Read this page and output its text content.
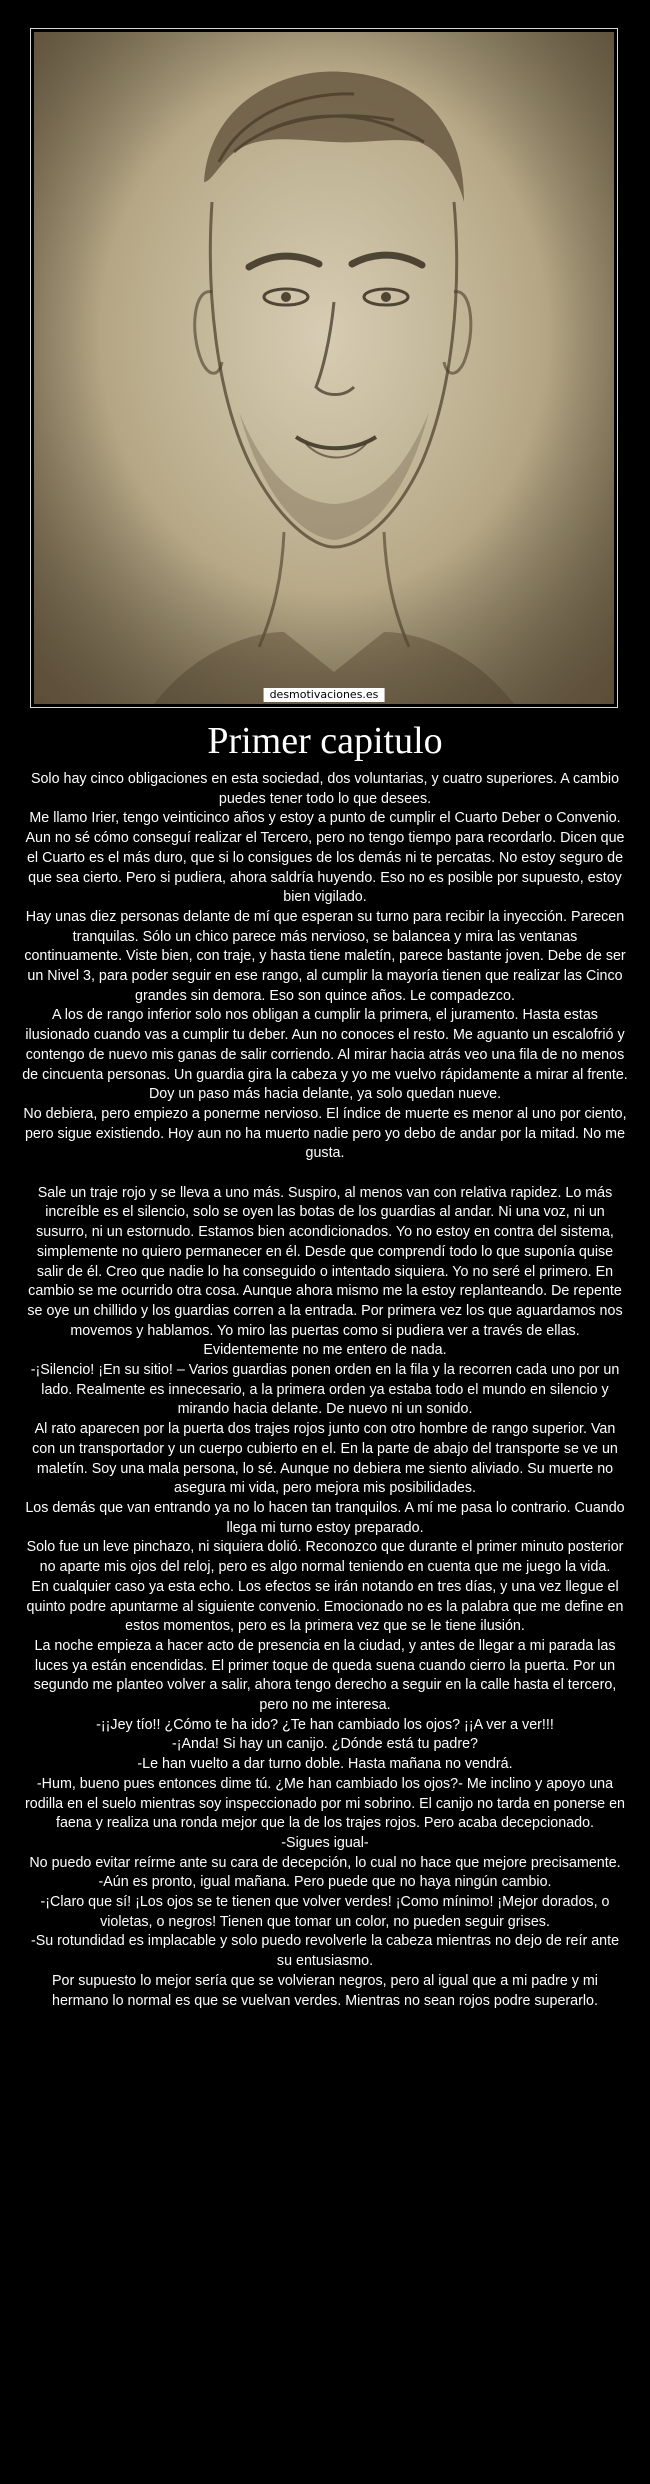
desmotivaciones.es
Primer capitulo

Solo hay cinco obligaciones en esta sociedad, dos voluntarias, y cuatro superiores. A cambio puedes tener todo lo que desees.

Me llamo Irier, tengo veinticinco años y estoy a punto de cumplir el Cuarto Deber o Convenio. Aun no sé cómo conseguí realizar el Tercero, pero no tengo tiempo para recordarlo. Dicen que el Cuarto es el más duro, que si lo consigues de los demás ni te percatas. No estoy seguro de que sea cierto. Pero si pudiera, ahora saldría huyendo. Eso no es posible por supuesto, estoy bien vigilado.

Hay unas diez personas delante de mí que esperan su turno para recibir la inyección. Parecen tranquilas. Sólo un chico parece más nervioso, se balancea y mira las ventanas continuamente. Viste bien, con traje, y hasta tiene maletín, parece bastante joven. Debe de ser un Nivel 3, para poder seguir en ese rango, al cumplir la mayoría tienen que realizar las Cinco grandes sin demora. Eso son quince años. Le compadezco.

A los de rango inferior solo nos obligan a cumplir la primera, el juramento. Hasta estas ilusionado cuando vas a cumplir tu deber. Aun no conoces el resto. Me aguanto un escalofrió y contengo de nuevo mis ganas de salir corriendo. Al mirar hacia atrás veo una fila de no menos de cincuenta personas. Un guardia gira la cabeza y yo me vuelvo rápidamente a mirar al frente. Doy un paso más hacia delante, ya solo quedan nueve.

No debiera, pero empiezo a ponerme nervioso. El índice de muerte es menor al uno por ciento, pero sigue existiendo. Hoy aun no ha muerto nadie pero yo debo de andar por la mitad. No me gusta.

Sale un traje rojo y se lleva a uno más. Suspiro, al menos van con relativa rapidez. Lo más increíble es el silencio, solo se oyen las botas de los guardias al andar. Ni una voz, ni un susurro, ni un estornudo. Estamos bien acondicionados. Yo no estoy en contra del sistema, simplemente no quiero permanecer en él. Desde que comprendí todo lo que suponía quise salir de él. Creo que nadie lo ha conseguido o intentado siquiera. Yo no seré el primero. En cambio se me ocurrido otra cosa. Aunque ahora mismo me la estoy replanteando. De repente se oye un chillido y los guardias corren a la entrada. Por primera vez los que aguardamos nos movemos y hablamos. Yo miro las puertas como si pudiera ver a través de ellas. Evidentemente no me entero de nada.

-¡Silencio! ¡En su sitio! – Varios guardias ponen orden en la fila y la recorren cada uno por un lado. Realmente es innecesario, a la primera orden ya estaba todo el mundo en silencio y mirando hacia delante. De nuevo ni un sonido.

Al rato aparecen por la puerta dos trajes rojos junto con otro hombre de rango superior. Van con un transportador y un cuerpo cubierto en el. En la parte de abajo del transporte se ve un maletín. Soy una mala persona, lo sé. Aunque no debiera me siento aliviado. Su muerte no asegura mi vida, pero mejora mis posibilidades.

Los demás que van entrando ya no lo hacen tan tranquilos. A mí me pasa lo contrario. Cuando llega mi turno estoy preparado.

Solo fue un leve pinchazo, ni siquiera dolió. Reconozco que durante el primer minuto posterior no aparte mis ojos del reloj, pero es algo normal teniendo en cuenta que me juego la vida.

En cualquier caso ya esta echo. Los efectos se irán notando en tres días, y una vez llegue el quinto podre apuntarme al siguiente convenio. Emocionado no es la palabra que me define en estos momentos, pero es la primera vez que se le tiene ilusión.

La noche empieza a hacer acto de presencia en la ciudad, y antes de llegar a mi parada las luces ya están encendidas. El primer toque de queda suena cuando cierro la puerta. Por un segundo me planteo volver a salir, ahora tengo derecho a seguir en la calle hasta el tercero, pero no me interesa.

-¡¡Jey tío!! ¿Cómo te ha ido? ¿Te han cambiado los ojos? ¡¡A ver a ver!!!

-¡Anda! Si hay un canijo. ¿Dónde está tu padre?

-Le han vuelto a dar turno doble. Hasta mañana no vendrá.

-Hum, bueno pues entonces dime tú. ¿Me han cambiado los ojos?- Me inclino y apoyo una rodilla en el suelo mientras soy inspeccionado por mi sobrino. El canijo no tarda en ponerse en faena y realiza una ronda mejor que la de los trajes rojos. Pero acaba decepcionado.

-Sigues igual-

No puedo evitar reírme ante su cara de decepción, lo cual no hace que mejore precisamente.

-Aún es pronto, igual mañana. Pero puede que no haya ningún cambio.

-¡Claro que sí! ¡Los ojos se te tienen que volver verdes! ¡Como mínimo! ¡Mejor dorados, o violetas, o negros! Tienen que tomar un color, no pueden seguir grises.

-Su rotundidad es implacable y solo puedo revolverle la cabeza mientras no dejo de reír ante su entusiasmo.

Por supuesto lo mejor sería que se volvieran negros, pero al igual que a mi padre y mi hermano lo normal es que se vuelvan verdes. Mientras no sean rojos podre superarlo.
